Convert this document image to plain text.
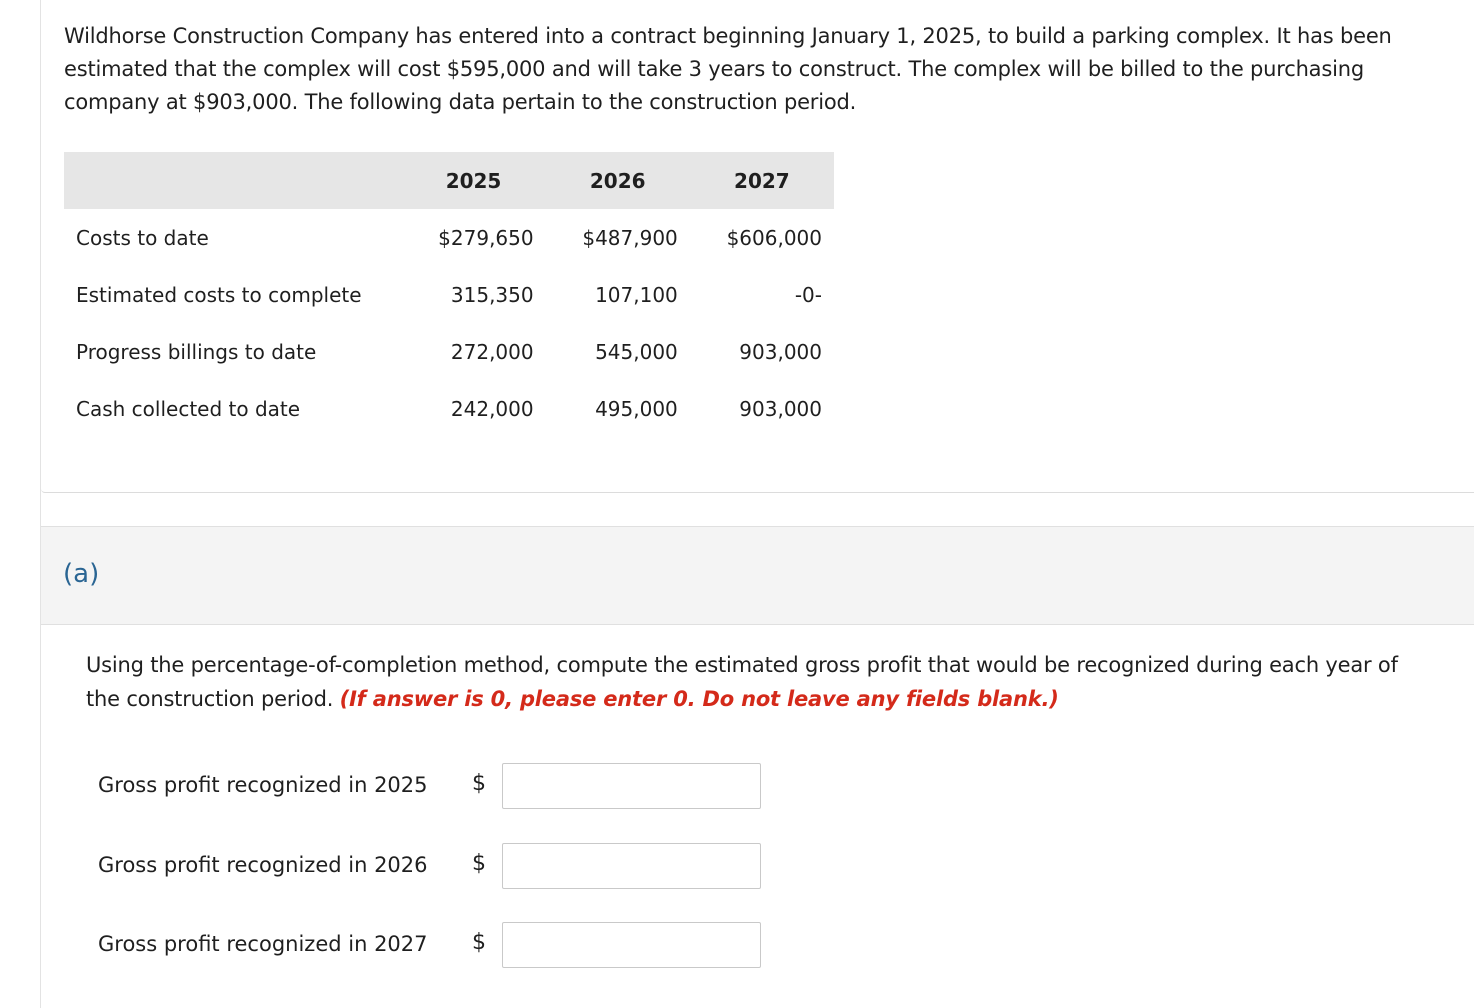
Wildhorse Construction Company has entered into a contract beginning January 1, 2025, to build a parking complex. It has been estimated that the complex will cost $595,000 and will take 3 years to construct. The complex will be billed to the purchasing company at $903,000. The following data pertain to the construction period.
	2025	2026	2027
Costs to date	$279,650	$487,900	$606,000
Estimated costs to complete	315,350	107,100	-0-
Progress billings to date	272,000	545,000	903,000
Cash collected to date	242,000	495,000	903,000
(a)
Using the percentage-of-completion method, compute the estimated gross profit that would be recognized during each year of the construction period. (If answer is 0, please enter 0. Do not leave any fields blank.)
Gross profit recognized in 2025 $
Gross profit recognized in 2026 $
Gross profit recognized in 2027 $
